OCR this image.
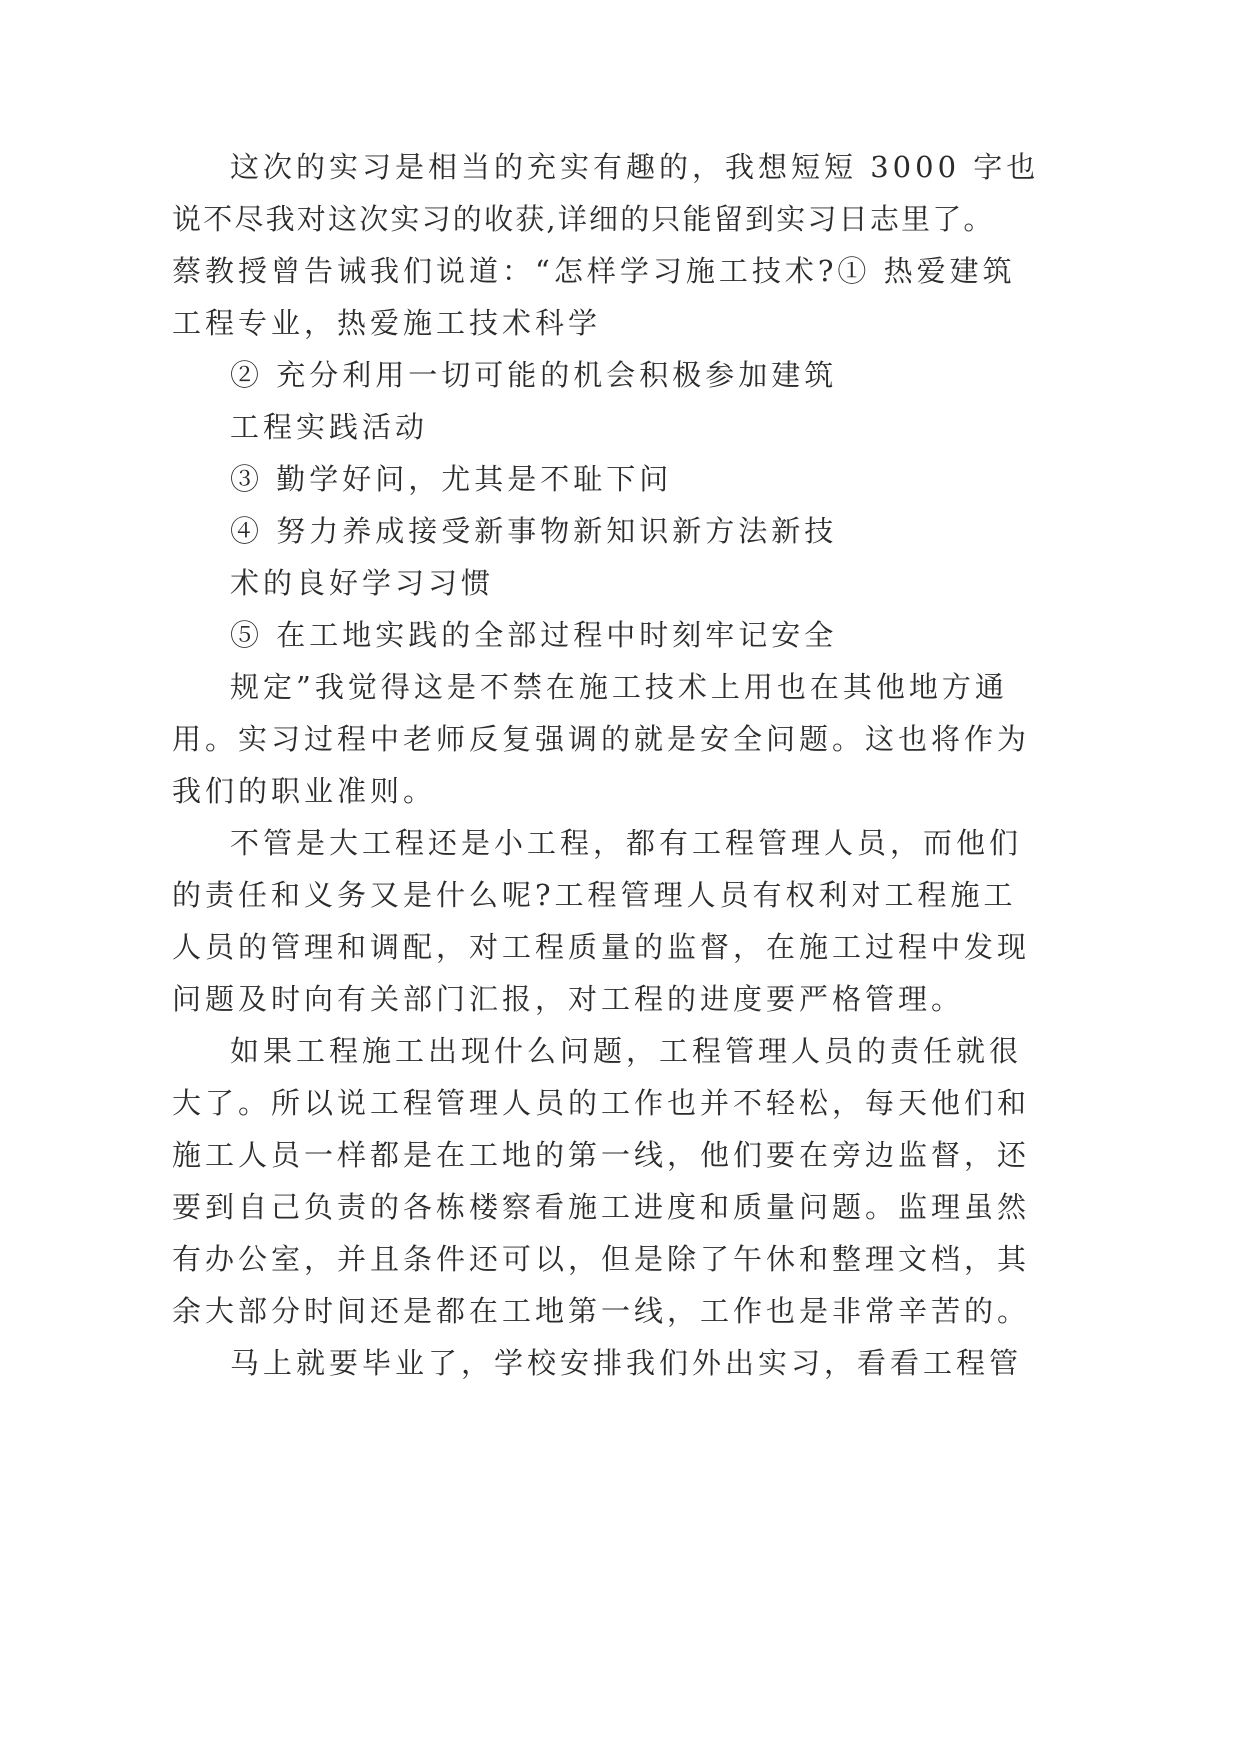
这次的实习是相当的充实有趣的，我想短短 3000 字也
说不尽我对这次实习的收获,详细的只能留到实习日志里了。
蔡教授曾告诫我们说道：“怎样学习施工技术?① 热爱建筑
工程专业，热爱施工技术科学
② 充分利用一切可能的机会积极参加建筑
工程实践活动
③ 勤学好问，尤其是不耻下问
④ 努力养成接受新事物新知识新方法新技
术的良好学习习惯
⑤ 在工地实践的全部过程中时刻牢记安全
规定”我觉得这是不禁在施工技术上用也在其他地方通
用。实习过程中老师反复强调的就是安全问题。这也将作为
我们的职业准则。
不管是大工程还是小工程，都有工程管理人员，而他们
的责任和义务又是什么呢?工程管理人员有权利对工程施工
人员的管理和调配，对工程质量的监督，在施工过程中发现
问题及时向有关部门汇报，对工程的进度要严格管理。
如果工程施工出现什么问题，工程管理人员的责任就很
大了。所以说工程管理人员的工作也并不轻松，每天他们和
施工人员一样都是在工地的第一线，他们要在旁边监督，还
要到自己负责的各栋楼察看施工进度和质量问题。监理虽然
有办公室，并且条件还可以，但是除了午休和整理文档，其
余大部分时间还是都在工地第一线，工作也是非常辛苦的。
马上就要毕业了，学校安排我们外出实习，看看工程管
